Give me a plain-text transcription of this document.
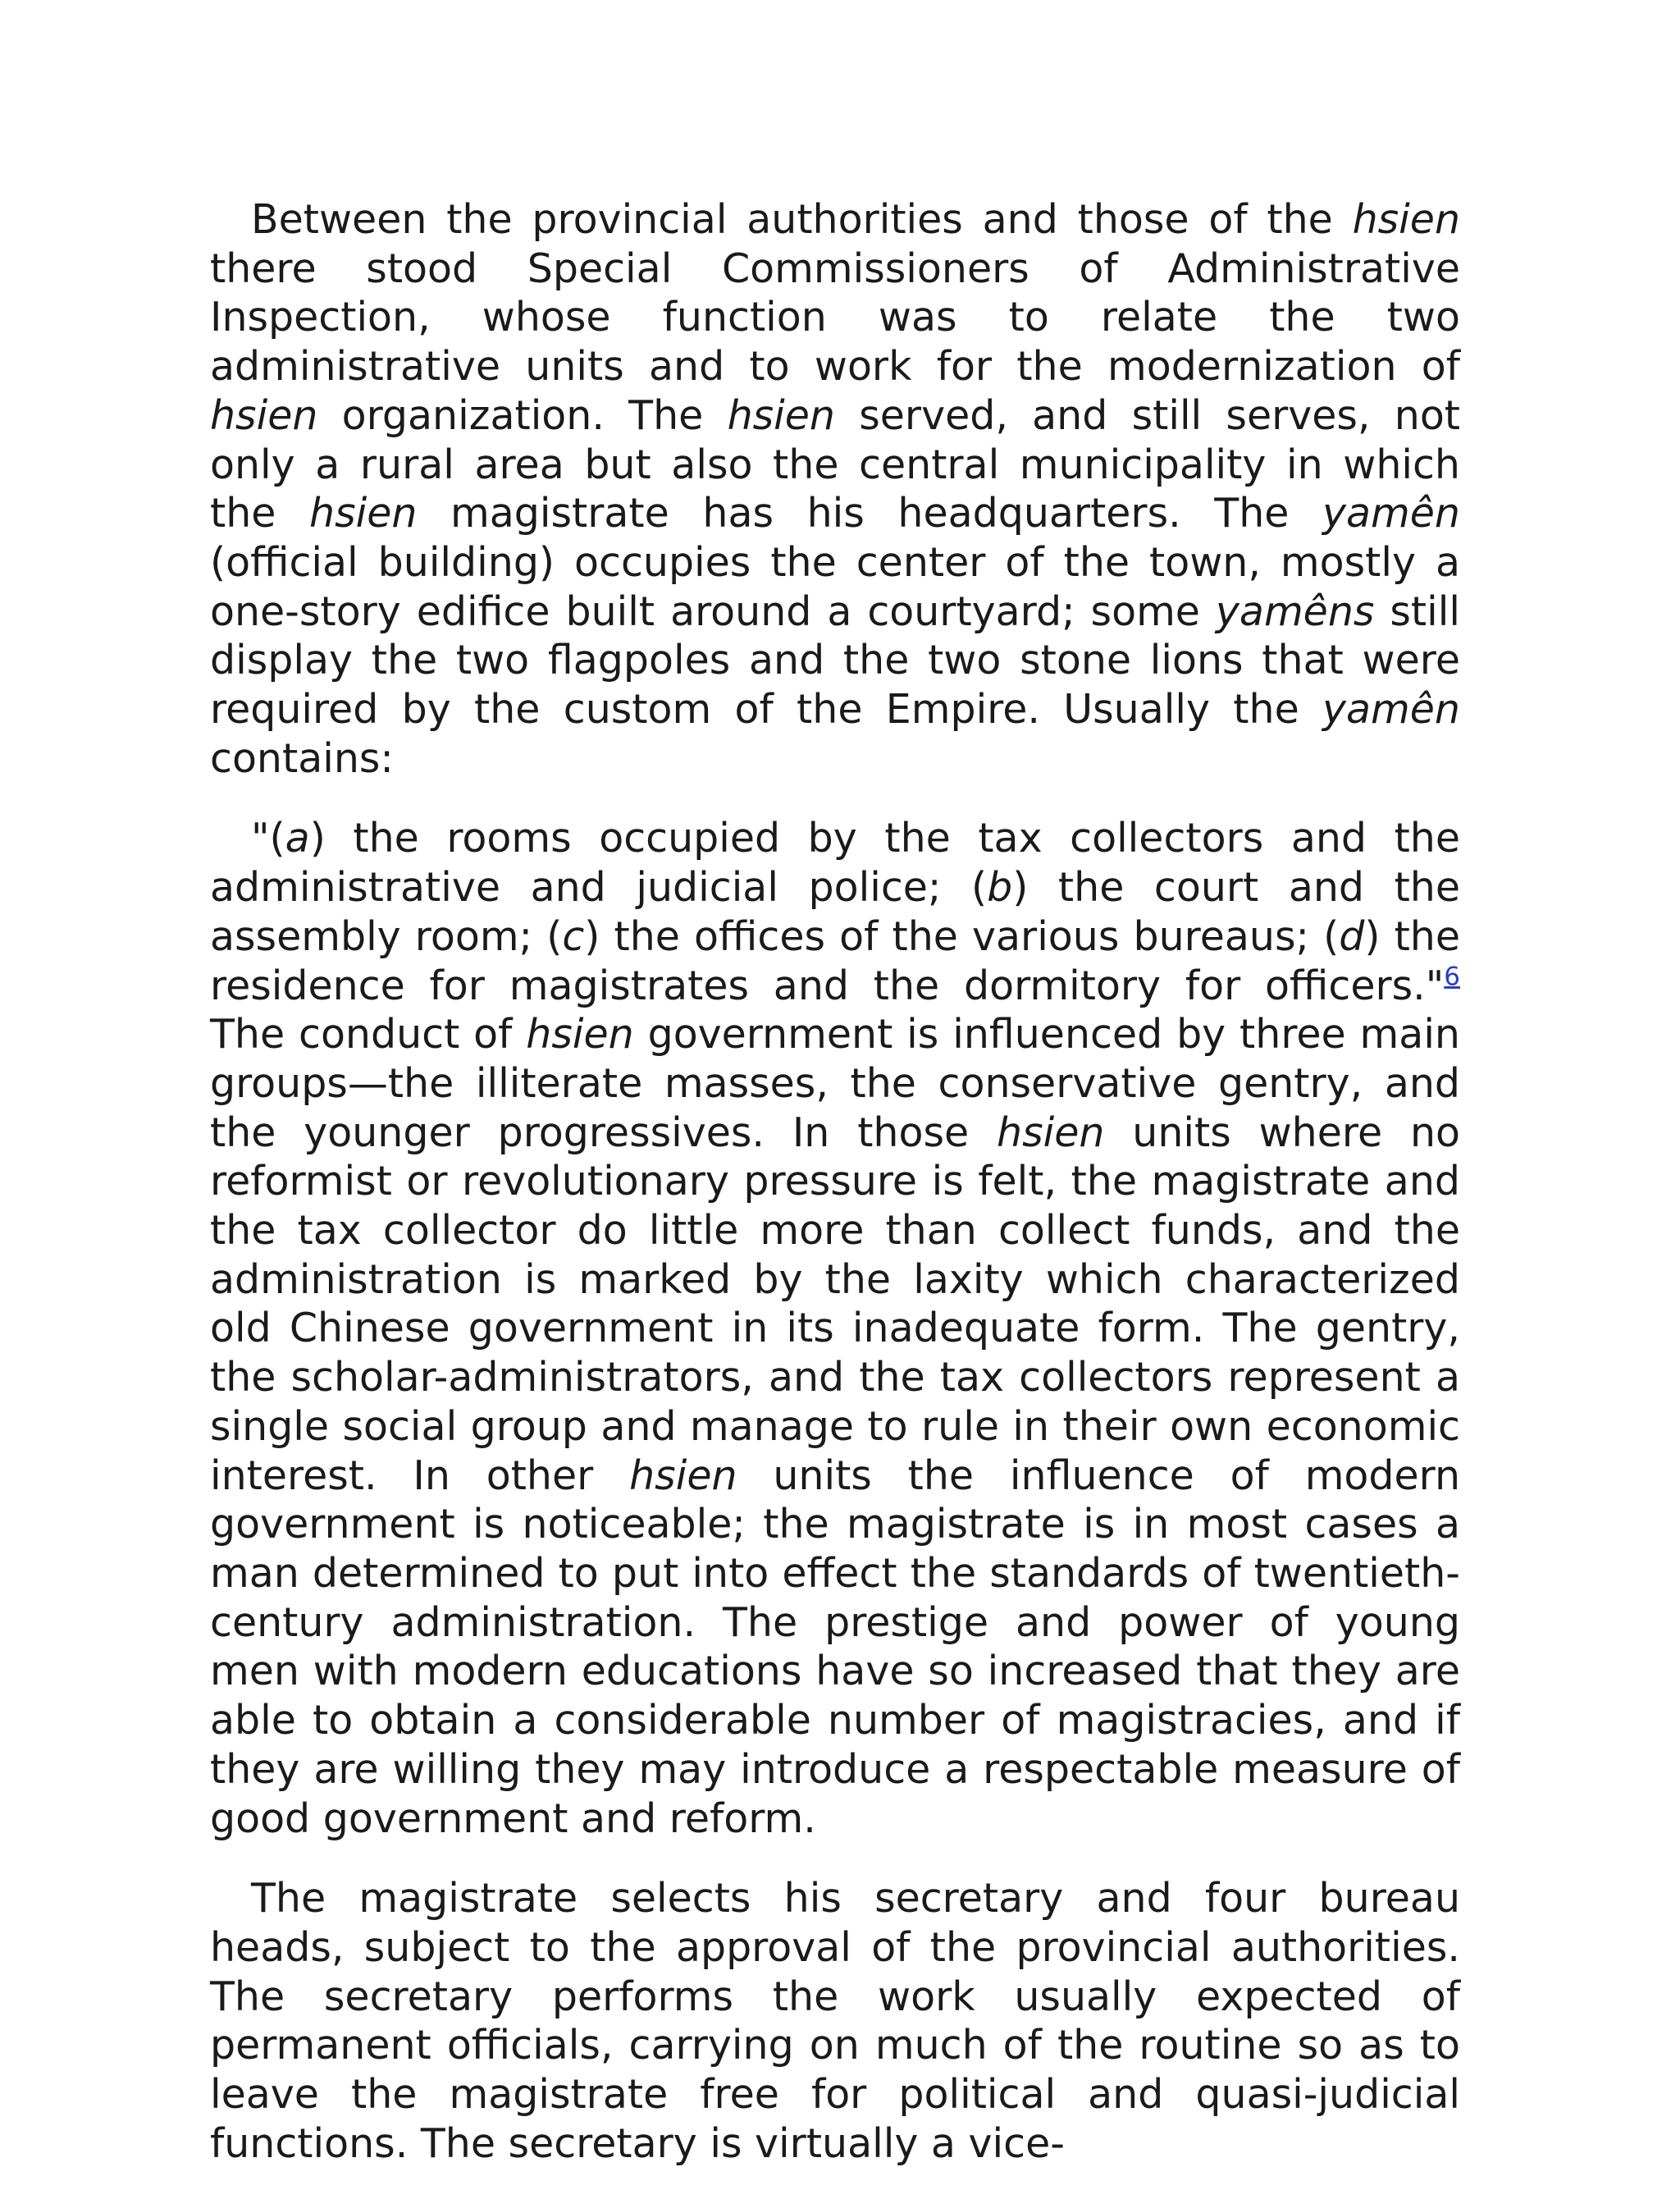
Between the provincial authorities and those of the hsien there stood Special Commissioners of Administrative Inspection, whose function was to relate the two administrative units and to work for the modernization of hsien organization. The hsien served, and still serves, not only a rural area but also the central municipality in which the hsien magistrate has his headquarters. The yamên (official building) occupies the center of the town, mostly a one-story edifice built around a courtyard; some yamêns still display the two flagpoles and the two stone lions that were required by the custom of the Empire. Usually the yamên contains:

"(a) the rooms occupied by the tax collectors and the administrative and judicial police; (b) the court and the assembly room; (c) the offices of the various bureaus; (d) the residence for magistrates and the dormitory for officers."$^6$ The conduct of hsien government is influenced by three main groups—the illiterate masses, the conservative gentry, and the younger progressives. In those hsien units where no reformist or revolutionary pressure is felt, the magistrate and the tax collector do little more than collect funds, and the administration is marked by the laxity which characterized old Chinese government in its inadequate form. The gentry, the scholar-administrators, and the tax collectors represent a single social group and manage to rule in their own economic interest. In other hsien units the influence of modern government is noticeable; the magistrate is in most cases a man determined to put into effect the standards of twentieth-century administration. The prestige and power of young men with modern educations have so increased that they are able to obtain a considerable number of magistracies, and if they are willing they may introduce a respectable measure of good government and reform.

The magistrate selects his secretary and four bureau heads, subject to the approval of the provincial authorities. The secretary performs the work usually expected of permanent officials, carrying on much of the routine so as to leave the magistrate free for political and quasi-judicial functions. The secretary is virtually a vice-
